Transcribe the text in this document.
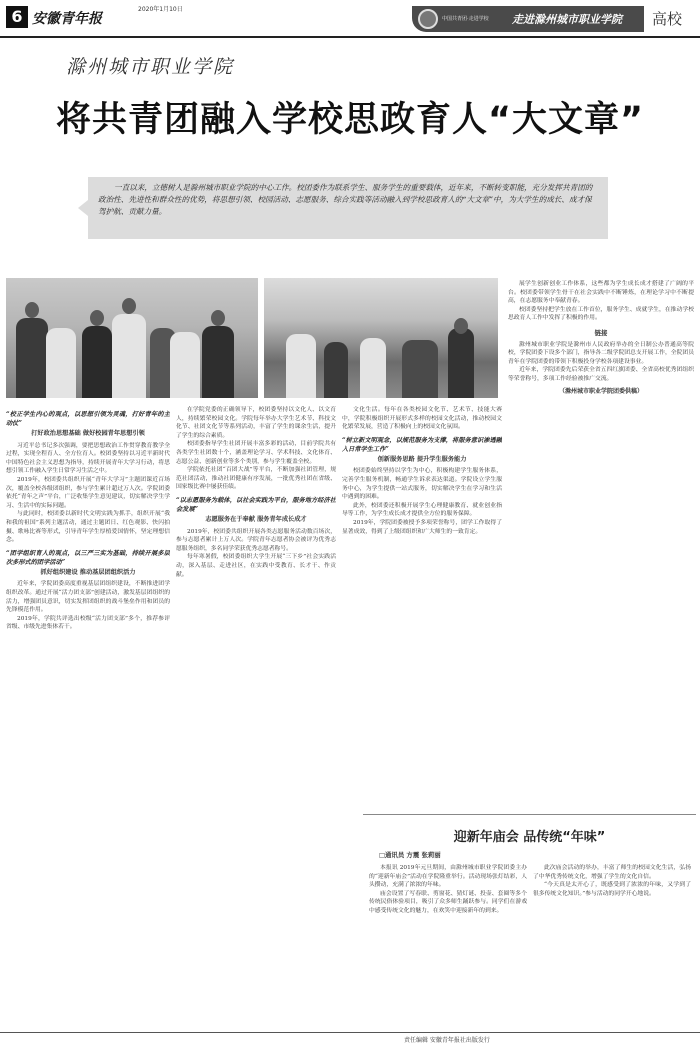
6 安徽青年报
2020年1月10日
中国共青团·走进学校 走进滁州城市职业学院 高校
滁州城市职业学院
将共青团融入学校思政育人“大文章”

一直以来，立德树人是滁州城市职业学院的中心工作。校团委作为联系学生、服务学生的重要载体，近年来，不断转变职能，充分发挥共青团的政治性、先进性和群众性的优势，将思想引领、校园活动、志愿服务、综合实践等活动融入到学校思政育人的“大文章”中，为大学生的成长、成才保驾护航、贡献力量。

“校正学生内心的观点，以思想引领为灵魂，打好青年的主动仗”

打好政治思想基础 做好校园青年思想引领

习近平总书记多次强调，要把思想政治工作贯穿教育教学全过程，实现全程育人、全方位育人。校团委坚持以习近平新时代中国特色社会主义思想为指导，持续开展青年大学习行动，将思想引领工作融入学生日常学习生活之中。

2019年，校团委共组织开展“青年大学习”主题团课近百场次，覆盖全校各级团组织，参与学生累计超过万人次。学院团委依托“青年之声”平台，广泛收集学生意见建议，切实解决学生学习、生活中的实际问题。

与此同时，校团委以新时代文明实践为抓手，组织开展“我和我的祖国”系列主题活动，通过主题团日、红色观影、快闪拍摄、歌咏比赛等形式，引导青年学生厚植爱国情怀，坚定理想信念。

“团学组织育人的观点，以三严三实为基础，持续开展多层次多形式的团学活动”

抓好组织建设 推动基层团组织活力

近年来，学院团委高度重视基层团组织建设，不断推进团学组织改革。通过开展“活力团支部”创建活动，激发基层团组织的活力，增强团员意识，切实发挥团组织的战斗堡垒作用和团员的先锋模范作用。

2019年，学院共评选出校级“活力团支部”多个，推荐参评省级、市级先进集体若干。

在学院党委的正确领导下，校团委坚持以文化人、以文育人，持续繁荣校园文化。学院每年举办大学生艺术节、科技文化节、社团文化节等系列活动，丰富了学生的课余生活，提升了学生的综合素质。

校团委指导学生社团开展丰富多彩的活动，目前学院共有各类学生社团数十个，涵盖理论学习、学术科技、文化体育、志愿公益、创新创业等多个类别，参与学生覆盖全校。

学院依托社团“百团大战”等平台，不断加强社团管理，规范社团活动，推动社团健康有序发展，一批优秀社团在省级、国家级比赛中屡获佳绩。

“以志愿服务为载体，以社会实践为平台，服务地方经济社会发展”

志愿服务在于奉献 服务青年成长成才

2019年，校团委共组织开展各类志愿服务活动数百场次，参与志愿者累计上万人次。学院青年志愿者协会被评为优秀志愿服务组织，多名同学荣获优秀志愿者称号。

每年寒暑假，校团委组织大学生开展“三下乡”社会实践活动，深入基层、走进社区，在实践中受教育、长才干、作贡献。

文化生活。每年在各类校园文化节、艺术节、技能大赛中，学院积极组织开展形式多样的校园文化活动，推动校园文化繁荣发展，营造了积极向上的校园文化氛围。

“树立新文明观念，以规范服务为支撑，将服务意识渗透融入日常学生工作”

创新服务思路 提升学生服务能力

校团委始终坚持以学生为中心，积极构建学生服务体系，完善学生服务机制，畅通学生诉求表达渠道。学院设立学生服务中心，为学生提供一站式服务，切实解决学生在学习和生活中遇到的困难。

此外，校团委还积极开展学生心理健康教育、就业创业指导等工作，为学生成长成才提供全方位的服务保障。

2019年，学院团委被授予多项荣誉称号，团学工作取得了显著成效，得到了上级团组织和广大师生的一致肯定。

展学生创新创业工作体系，这些都为学生成长成才搭建了广阔的平台。校团委带领学生骨干在社会实践中不断锤炼，在理论学习中不断提高，在志愿服务中奉献青春。

校团委坚持把学生放在工作首位，服务学生、成就学生，在推动学校思政育人工作中发挥了积极的作用。

链接

滁州城市职业学院是滁州市人民政府举办的全日制公办普通高等院校，学院团委下设多个部门，指导各二级学院团总支开展工作，全院团员青年在学院团委的带领下积极投身学校各项建设事业。

近年来，学院团委先后荣获全省五四红旗团委、全省高校优秀团组织等荣誉称号，多项工作经验被推广交流。

（滁州城市职业学院团委供稿）

迎新年庙会 品传统“年味”
□通讯员 方震 张莉丽

本报讯 2019年元旦期间，由滁州城市职业学院团委主办的“迎新年庙会”活动在学院隆重举行。活动现场张灯结彩，人头攒动，充满了浓浓的年味。

庙会设置了写春联、剪窗花、猜灯谜、投壶、套圈等多个传统民俗体验项目，吸引了众多师生踊跃参与。同学们在游戏中感受传统文化的魅力，在欢笑中迎接新年的到来。

此次庙会活动的举办，丰富了师生的校园文化生活，弘扬了中华优秀传统文化，增强了学生的文化自信。

“今天真是太开心了，既感受到了浓浓的年味，又学到了很多传统文化知识。”参与活动的同学开心地说。

责任编辑 安徽青年报社出版发行
